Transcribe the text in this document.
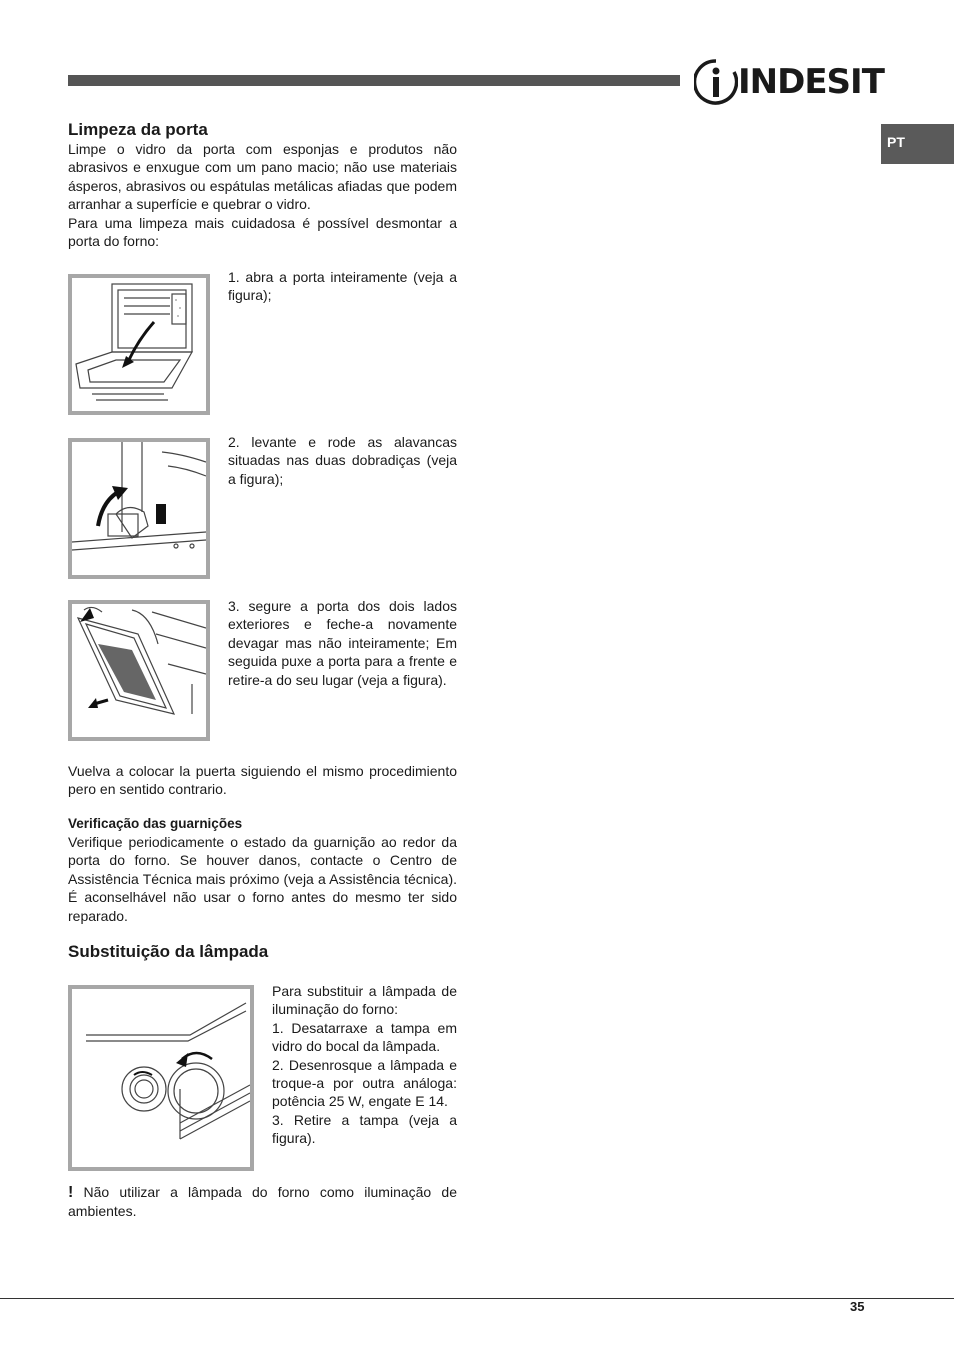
INDESIT
PT
Limpeza da porta

Limpe o vidro da porta com esponjas e produtos não abrasivos e enxugue com um pano macio; não use materiais ásperos, abrasivos ou espátulas metálicas afiadas que podem arranhar a superfície e quebrar o vidro.

Para uma limpeza mais cuidadosa é possível desmontar a porta do forno:

1. abra a porta inteiramente (veja a figura);
2. levante e rode as alavancas situadas nas duas dobradiças (veja a figura);
3. segure a porta dos dois lados exteriores e feche-a novamente devagar mas não inteiramente; Em seguida puxe a porta para a frente e retire-a do seu lugar (veja a figura).

Vuelva a colocar la puerta siguiendo el mismo procedimiento pero en sentido contrario.

Verificação das guarnições

Verifique periodicamente o estado da guarnição ao redor da porta do forno. Se houver danos, contacte o Centro de Assistência Técnica mais próximo (veja a Assistência técnica). É aconselhável não usar o forno antes do mesmo ter sido reparado.

Substituição da lâmpada
Para substituir a lâmpada de iluminação do forno:
1. Desatarraxe a tampa em vidro do bocal da lâmpada.
2. Desenrosque a lâmpada e troque-a por outra análoga: potência 25 W, engate E 14.
3. Retire a tampa (veja a figura).

! Não utilizar a lâmpada do forno como iluminação de ambientes.

35
